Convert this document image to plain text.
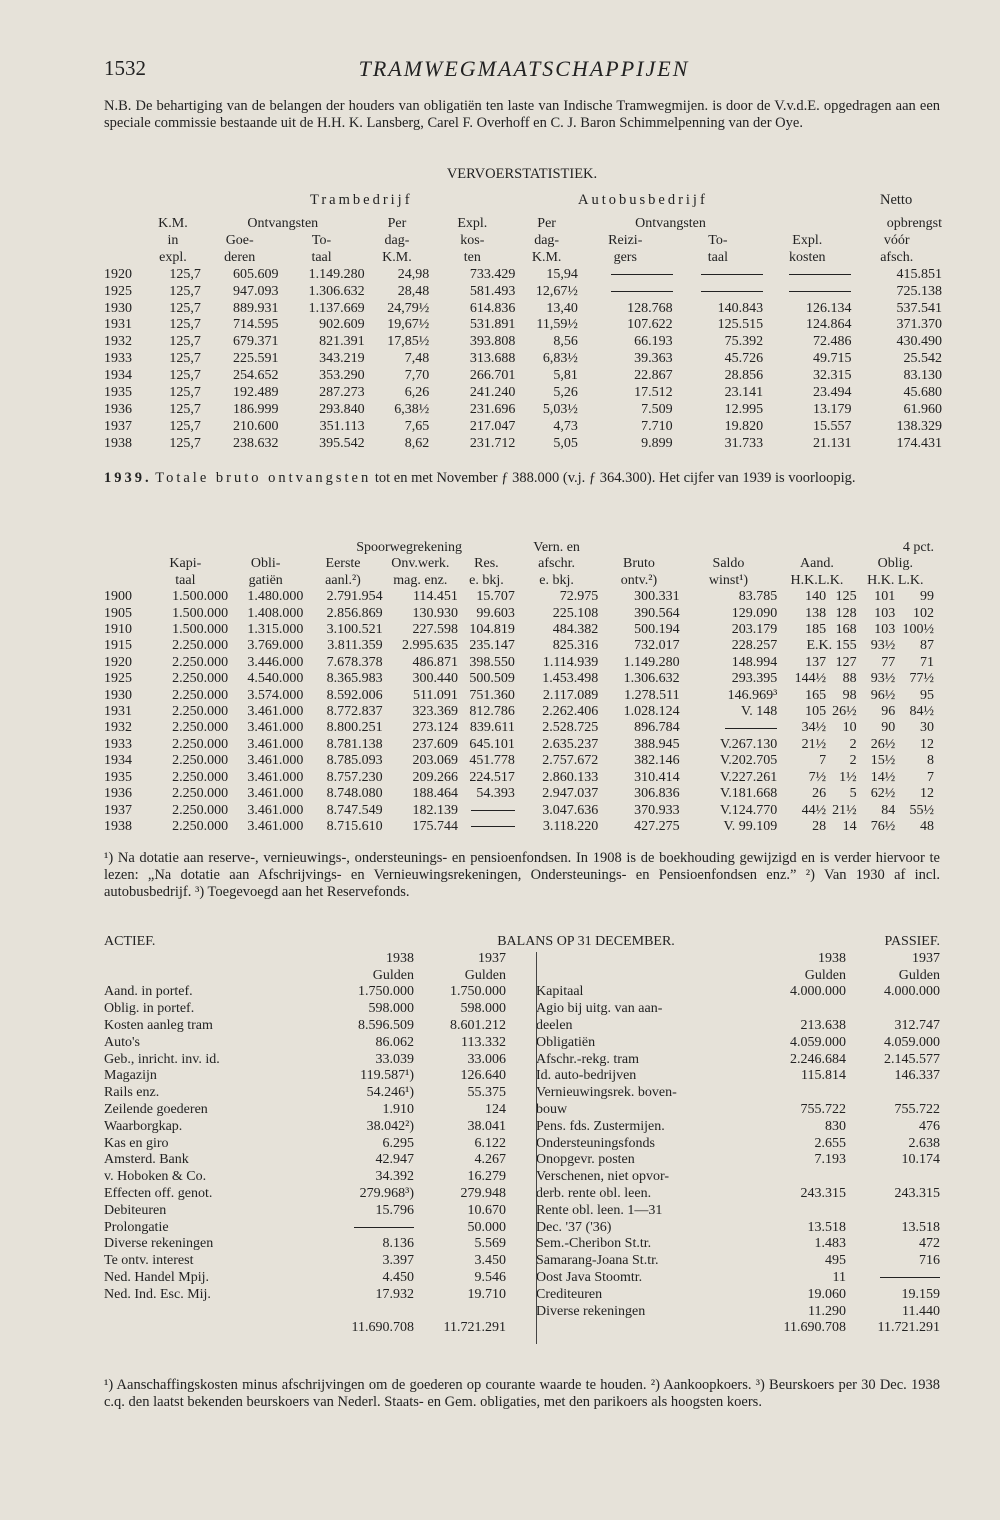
1532	TRAMWEGMAATSCHAPPIJEN
N.B. De behartiging van de belangen der houders van obligatiën ten laste van Indische Tramwegmijen. is door de V.v.d.E. opgedragen aan een speciale commissie bestaande uit de H.H. K. Lansberg, Carel F. Overhoff en C. J. Baron Schimmelpenning van der Oye.
VERVOERSTATISTIEK.
Trambedrijf	Autobusbedrijf	Netto
	K.M.	Ontvangsten		Per	Expl.	Per	Ontvangsten			opbrengst
	in	Goe-	To-	dag-	kos-	dag-	Reizi-	To-	Expl.	vóór
	expl.	deren	taal	K.M.	ten	K.M.	gers	taal	kosten	afsch.
1920	125,7	605.609	1.149.280	24,98	733.429	15,94				415.851
1925	125,7	947.093	1.306.632	28,48	581.493	12,67½				725.138
1930	125,7	889.931	1.137.669	24,79½	614.836	13,40	128.768	140.843	126.134	537.541
1931	125,7	714.595	902.609	19,67½	531.891	11,59½	107.622	125.515	124.864	371.370
1932	125,7	679.371	821.391	17,85½	393.808	8,56	66.193	75.392	72.486	430.490
1933	125,7	225.591	343.219	7,48	313.688	6,83½	39.363	45.726	49.715	25.542
1934	125,7	254.652	353.290	7,70	266.701	5,81	22.867	28.856	32.315	83.130
1935	125,7	192.489	287.273	6,26	241.240	5,26	17.512	23.141	23.494	45.680
1936	125,7	186.999	293.840	6,38½	231.696	5,03½	7.509	12.995	13.179	61.960
1937	125,7	210.600	351.113	7,65	217.047	4,73	7.710	19.820	15.557	138.329
1938	125,7	238.632	395.542	8,62	231.712	5,05	9.899	31.733	21.131	174.431
1939. Totale bruto ontvangsten tot en met November ƒ 388.000 (v.j. ƒ 364.300). Het cijfer van 1939 is voorloopig.
			Spoorwegrekening			Vern. en					4 pct.	
	Kapi-	Obli-	Eerste	Onv.werk.	Res.	afschr.	Bruto	Saldo	Aand.		Oblig.	
	taal	gatiën	aanl.²)	mag. enz.	e. bkj.	e. bkj.	ontv.²)	winst¹)	H.K.L.K.		H.K. L.K.	
1900	1.500.000	1.480.000	2.791.954	114.451	15.707	72.975	300.331	83.785	140	125	101	99
1905	1.500.000	1.408.000	2.856.869	130.930	99.603	225.108	390.564	129.090	138	128	103	102
1910	1.500.000	1.315.000	3.100.521	227.598	104.819	484.382	500.194	203.179	185	168	103	100½
1915	2.250.000	3.769.000	3.811.359	2.995.635	235.147	825.316	732.017	228.257	E.K. 155		93½	87
1920	2.250.000	3.446.000	7.678.378	486.871	398.550	1.114.939	1.149.280	148.994	137	127	77	71
1925	2.250.000	4.540.000	8.365.983	300.440	500.509	1.453.498	1.306.632	293.395	144½	88	93½	77½
1930	2.250.000	3.574.000	8.592.006	511.091	751.360	2.117.089	1.278.511	146.969³	165	98	96½	95
1931	2.250.000	3.461.000	8.772.837	323.369	812.786	2.262.406	1.028.124	V. 148	105	26½	96	84½
1932	2.250.000	3.461.000	8.800.251	273.124	839.611	2.528.725	896.784		34½	10	90	30
1933	2.250.000	3.461.000	8.781.138	237.609	645.101	2.635.237	388.945	V.267.130	21½	2	26½	12
1934	2.250.000	3.461.000	8.785.093	203.069	451.778	2.757.672	382.146	V.202.705	7	2	15½	8
1935	2.250.000	3.461.000	8.757.230	209.266	224.517	2.860.133	310.414	V.227.261	7½	1½	14½	7
1936	2.250.000	3.461.000	8.748.080	188.464	54.393	2.947.037	306.836	V.181.668	26	5	62½	12
1937	2.250.000	3.461.000	8.747.549	182.139		3.047.636	370.933	V.124.770	44½	21½	84	55½
1938	2.250.000	3.461.000	8.715.610	175.744		3.118.220	427.275	V. 99.109	28	14	76½	48
¹) Na dotatie aan reserve-, vernieuwings-, ondersteunings- en pensioenfondsen. In 1908 is de boekhouding gewijzigd en is verder hiervoor te lezen: „Na dotatie aan Afschrijvings- en Vernieuwingsrekeningen, Ondersteunings- en Pensioenfondsen enz.” ²) Van 1930 af incl. autobusbedrijf. ³) Toegevoegd aan het Reservefonds.
ACTIEF.	BALANS OP 31 DECEMBER.					PASSIEF.
	1938	1937			1938	1937
	Gulden	Gulden			Gulden	Gulden
Aand. in portef.	1.750.000	1.750.000		Kapitaal	4.000.000	4.000.000
Oblig. in portef.	598.000	598.000		Agio bij uitg. van aan-		
Kosten aanleg tram	8.596.509	8.601.212		deelen	213.638	312.747
Auto's	86.062	113.332		Obligatiën	4.059.000	4.059.000
Geb., inricht. inv. id.	33.039	33.006		Afschr.-rekg. tram	2.246.684	2.145.577
Magazijn	119.587¹)	126.640		Id. auto-bedrijven	115.814	146.337
Rails enz.	54.246¹)	55.375		Vernieuwingsrek. boven-		
Zeilende goederen	1.910	124		bouw	755.722	755.722
Waarborgkap.	38.042²)	38.041		Pens. fds. Zustermijen.	830	476
Kas en giro	6.295	6.122		Ondersteuningsfonds	2.655	2.638
Amsterd. Bank	42.947	4.267		Onopgevr. posten	7.193	10.174
v. Hoboken & Co.	34.392	16.279		Verschenen, niet opvor-		
Effecten off. genot.	279.968³)	279.948		derb. rente obl. leen.	243.315	243.315
Debiteuren	15.796	10.670		Rente obl. leen. 1—31		
Prolongatie		50.000		Dec. '37 ('36)	13.518	13.518
Diverse rekeningen	8.136	5.569		Sem.-Cheribon St.tr.	1.483	472
Te ontv. interest	3.397	3.450		Samarang-Joana St.tr.	495	716
Ned. Handel Mpij.	4.450	9.546		Oost Java Stoomtr.	11	
Ned. Ind. Esc. Mij.	17.932	19.710		Crediteuren	19.060	19.159
				Diverse rekeningen	11.290	11.440

	11.690.708	11.721.291			11.690.708	11.721.291
¹) Aanschaffingskosten minus afschrijvingen om de goederen op courante waarde te houden. ²) Aankoopkoers. ³) Beurskoers per 30 Dec. 1938 c.q. den laatst bekenden beurskoers van Nederl. Staats- en Gem. obligaties, met den parikoers als hoogsten koers.
